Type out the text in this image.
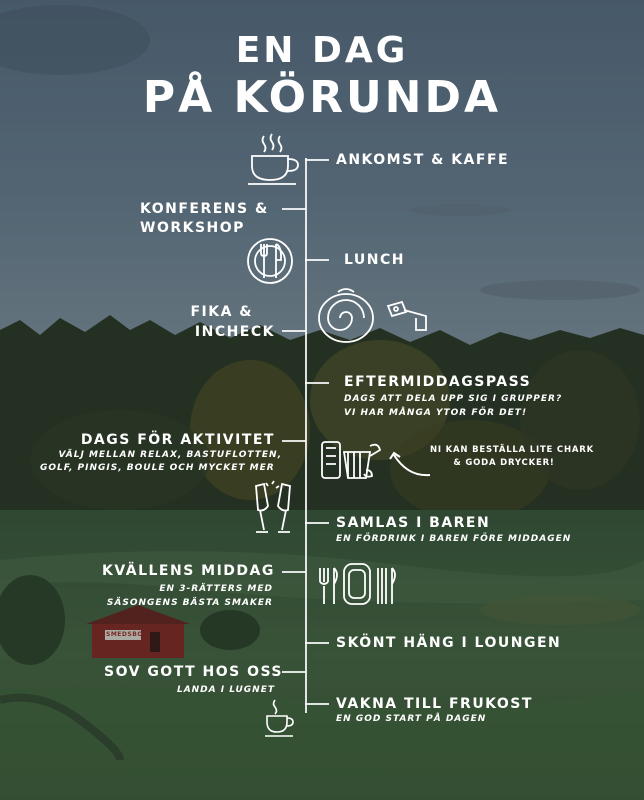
SMEDSBO
EN DAG
PÅ KÖRUNDA
ANKOMST & KAFFE
KONFERENS &
WORKSHOP
LUNCH
FIKA &
INCHECK
EFTERMIDDAGSPASS
DAGS ATT DELA UPP SIG I GRUPPER?
VI HAR MÅNGA YTOR FÖR DET!
DAGS FÖR AKTIVITET
VÄLJ MELLAN RELAX, BASTUFLOTTEN,
GOLF, PINGIS, BOULE OCH MYCKET MER
NI KAN BESTÄLLA LITE CHARK
& GODA DRYCKER!
SAMLAS I BAREN
EN FÖRDRINK I BAREN FÖRE MIDDAGEN
KVÄLLENS MIDDAG
EN 3-RÄTTERS MED
SÄSONGENS BÄSTA SMAKER
SKÖNT HÄNG I LOUNGEN
SOV GOTT HOS OSS
LANDA I LUGNET
VAKNA TILL FRUKOST
EN GOD START PÅ DAGEN
